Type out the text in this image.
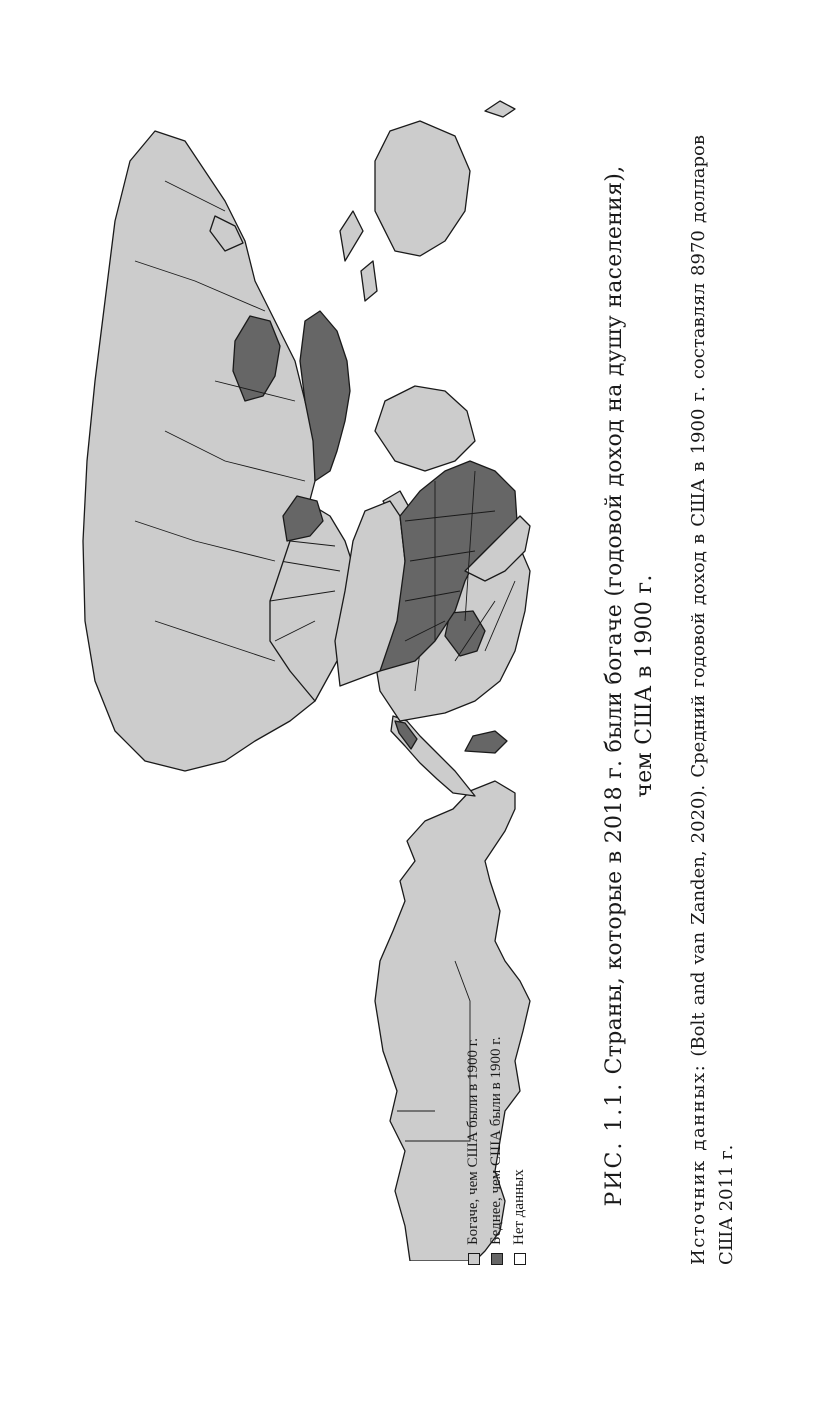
Богаче, чем США были в 1900 г. Беднее, чем США были в 1900 г. Нет данных
РИС. 1.1. Страны, которые в 2018 г. были богаче (годовой доход на душу населения), чем США в 1900 г.
Источник данных: (Bolt and van Zanden, 2020). Средний годовой доход в США в 1900 г. составлял 8970 долларов США 2011 г.
